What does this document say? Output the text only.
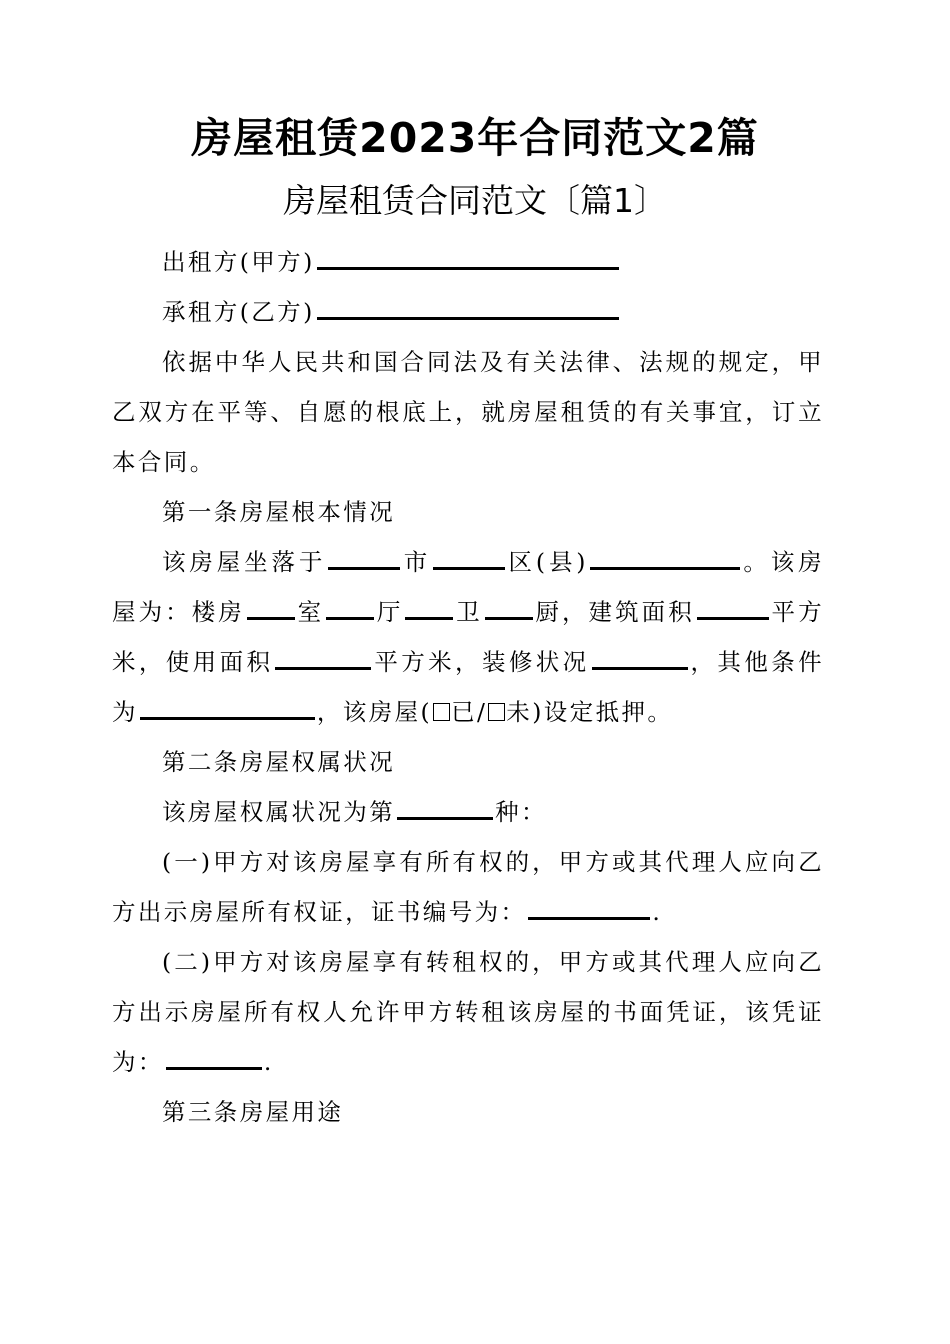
房屋租赁2023年合同范文2篇
房屋租赁合同范文〔篇1〕

出租方(甲方)

承租方(乙方)

依据中华人民共和国合同法及有关法律、法规的规定，甲乙双方在平等、自愿的根底上，就房屋租赁的有关事宜，订立本合同。

第一条房屋根本情况

该房屋坐落于	市	区(县)	。该房屋为：楼房 室 厅 卫 厨，建筑面积	平方米，使用面积	平方米，装修状况	，其他条件为	，该房屋( 已/ 未)设定抵押。

第二条房屋权属状况

该房屋权属状况为第	种：

(一)甲方对该房屋享有所有权的，甲方或其代理人应向乙方出示房屋所有权证，证书编号为：	.

(二)甲方对该房屋享有转租权的，甲方或其代理人应向乙方出示房屋所有权人允许甲方转租该房屋的书面凭证，该凭证为：	.

第三条房屋用途
